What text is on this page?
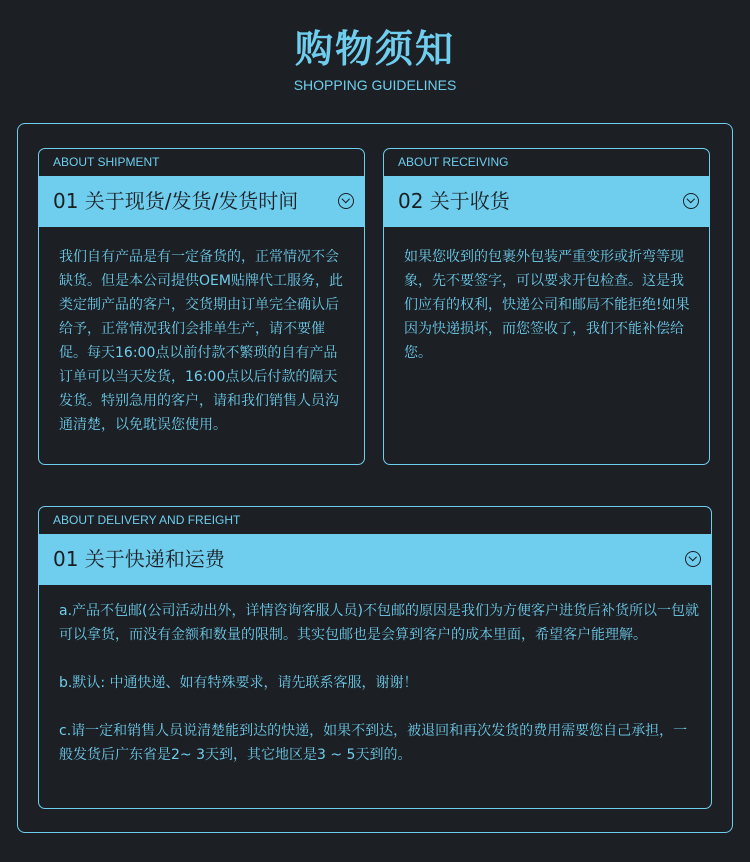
购物须知
SHOPPING GUIDELINES
ABOUT SHIPMENT
01 关于现货/发货/发货时间

我们自有产品是有一定备货的，正常情况不会缺货。但是本公司提供OEM贴牌代工服务，此类定制产品的客户，交货期由订单完全确认后给予，正常情况我们会排单生产，请不要催促。每天16:00点以前付款不繁琐的自有产品订单可以当天发货，16:00点以后付款的隔天发货。特别急用的客户，请和我们销售人员沟通清楚，以免耽误您使用。

ABOUT RECEIVING
02 关于收货

如果您收到的包裹外包装严重变形或折弯等现象，先不要签字，可以要求开包检查。这是我们应有的权利，快递公司和邮局不能拒绝!如果因为快递损坏，而您签收了，我们不能补偿给您。

ABOUT DELIVERY AND FREIGHT
01 关于快递和运费

a.产品不包邮(公司活动出外，详情咨询客服人员)不包邮的原因是我们为方便客户进货后补货所以一包就可以拿货，而没有金额和数量的限制。其实包邮也是会算到客户的成本里面，希望客户能理解。

b.默认: 中通快递、如有特殊要求，请先联系客服，谢谢！

c.请一定和销售人员说清楚能到达的快递，如果不到达，被退回和再次发货的费用需要您自己承担，一般发货后广东省是2~ 3天到，其它地区是3 ~ 5天到的。
